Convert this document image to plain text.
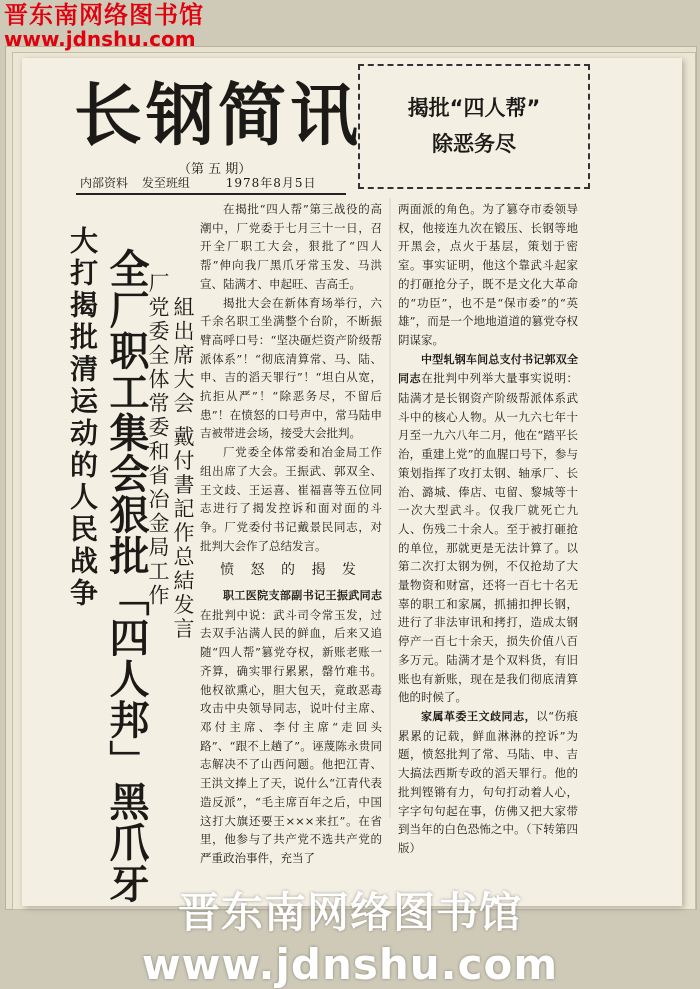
长钢简讯
（第 五 期）
内部资料 发至班组	1978年8月5日
揭批“四人帮”
除恶务尽
大打揭批清运动的人民战争 全厂职工集会狠批「四人邦」黑爪牙
厂党委全体常委和省冶金局工作 組出席大会 戴付書記作总結发言

在揭批“四人帮”第三战役的高潮中，厂党委于七月三十一日，召开全厂职工大会，狠批了“四人帮”伸向我厂黑爪牙常玉发、马洪宣、陆满才、申起旺、吉高壬。

揭批大会在新体育场举行，六千余名职工坐满整个台阶，不断振臂高呼口号：“坚决砸烂资产阶级帮派体系”！“彻底清算常、马、陆、申、吉的滔天罪行”！“坦白从宽，抗拒从严”！“除恶务尽，不留后患”！在愤怒的口号声中，常马陆申吉被带进会场，接受大会批判。

厂党委全体常委和冶金局工作组出席了大会。王振武、郭双全、王文歧、王运喜、崔福喜等五位同志进行了揭发控诉和面对面的斗争。厂党委付书记戴景民同志，对批判大会作了总结发言。

愤 怒 的 揭 发

职工医院支部副书记王振武同志在批判中说：武斗司令常玉发，过去双手沾满人民的鲜血，后来又追随“四人帮”篡党夺权，新账老账一齐算，确实罪行累累，罄竹难书。他权欲熏心，胆大包天，竟敢恶毒攻击中央领导同志，说叶付主席、邓付主席、李付主席“走回头路”、“跟不上趟了”。诬蔑陈永贵同志解决不了山西问题。他把江青、王洪文捧上了天，说什么“江青代表造反派”，“毛主席百年之后，中国这打大旗还要王×××来扛”。在省里，他参与了共产党不选共产党的严重政治事件，充当了

两面派的角色。为了篡夺市委领导权，他接连九次在锻压、长钢等地开黑会，点火于基层，策划于密室。事实证明，他这个靠武斗起家的打砸抢分子，既不是文化大革命的“功臣”，也不是“保市委”的“英雄”，而是一个地地道道的篡党夺权阴谋家。

中型轧钢车间总支付书记郭双全同志在批判中列举大量事实说明：陆满才是长钢资产阶级帮派体系武斗中的核心人物。从一九六七年十月至一九六八年二月，他在“踏平长治，重建上党”的血腥口号下，参与策划指挥了攻打太钢、轴承厂、长治、潞城、俸店、屯留、黎城等十一次大型武斗。仅我厂就死亡九人、伤残二十余人。至于被打砸抢的单位，那就更是无法计算了。以第二次打太钢为例，不仅抢劫了大量物资和财富，还将一百七十名无辜的职工和家属，抓捕扣押长钢，进行了非法审讯和拷打，造成太钢停产一百七十余天，损失价值八百多万元。陆满才是个双料货，有旧账也有新账，现在是我们彻底清算他的时候了。

家属革委王文歧同志，以“伤痕累累的记载，鲜血淋淋的控诉”为题，愤怒批判了常、马陆、申、吉大搞法西斯专政的滔天罪行。他的批判铿锵有力，句句打动着人心，字字句句起在事，仿佛又把大家带到当年的白色恐怖之中。（下转第四版）

晋东南网络图书馆
www.jdnshu.com
晋东南网络图书馆 www.jdnshu.com
